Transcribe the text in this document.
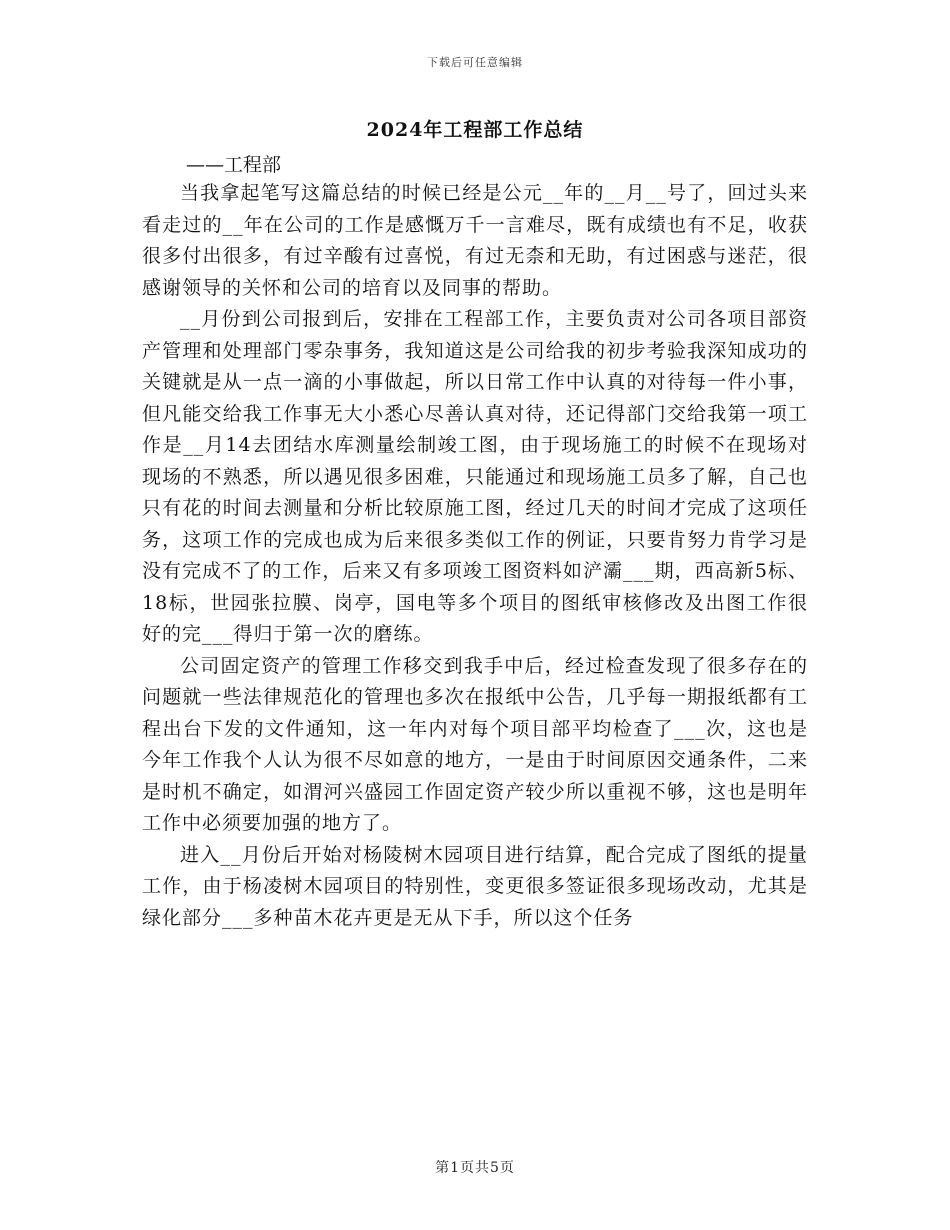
下载后可任意编辑
2024年工程部工作总结
——工程部

当我拿起笔写这篇总结的时候已经是公元__年的__月__号了，回过头来看走过的__年在公司的工作是感慨万千一言难尽，既有成绩也有不足，收获很多付出很多，有过辛酸有过喜悦，有过无柰和无助，有过困惑与迷茫，很感谢领导的关怀和公司的培育以及同事的帮助。

__月份到公司报到后，安排在工程部工作，主要负责对公司各项目部资产管理和处理部门零杂事务，我知道这是公司给我的初步考验我深知成功的关键就是从一点一滴的小事做起，所以日常工作中认真的对待每一件小事，但凡能交给我工作事无大小悉心尽善认真对待，还记得部门交给我第一项工作是__月14去团结水库测量绘制竣工图，由于现场施工的时候不在现场对现场的不熟悉，所以遇见很多困难，只能通过和现场施工员多了解，自己也只有花的时间去测量和分析比较原施工图，经过几天的时间才完成了这项任务，这项工作的完成也成为后来很多类似工作的例证，只要肯努力肯学习是没有完成不了的工作，后来又有多项竣工图资料如浐灞___期，西高新5标、18标，世园张拉膜、岗亭，国电等多个项目的图纸审核修改及出图工作很好的完___得归于第一次的磨练。

公司固定资产的管理工作移交到我手中后，经过检查发现了很多存在的问题就一些法律规范化的管理也多次在报纸中公告，几乎每一期报纸都有工程出台下发的文件通知，这一年内对每个项目部平均检查了___次，这也是今年工作我个人认为很不尽如意的地方，一是由于时间原因交通条件，二来是时机不确定，如渭河兴盛园工作固定资产较少所以重视不够，这也是明年工作中必须要加强的地方了。

进入__月份后开始对杨陵树木园项目进行结算，配合完成了图纸的提量工作，由于杨凌树木园项目的特别性，变更很多签证很多现场改动，尤其是绿化部分___多种苗木花卉更是无从下手，所以这个任务

第1页共5页
